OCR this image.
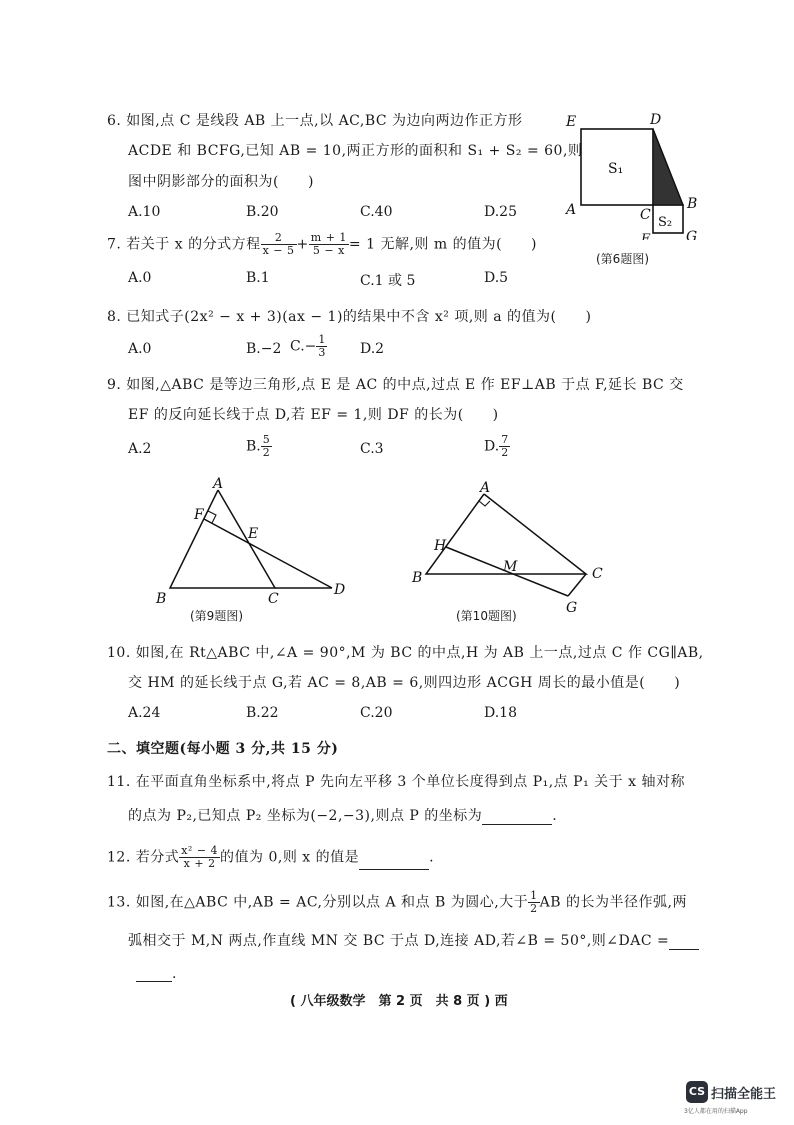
6. 如图,点 C 是线段 AB 上一点,以 AC,BC 为边向两边作正方形
ACDE 和 BCFG,已知 AB = 10,两正方形的面积和 S₁ + S₂ = 60,则
图中阴影部分的面积为(　　)
A.10	B.20	C.40	D.25
E	D
A	C
B
F	G
S₁
S₂
(第6题图)
7. 若关于 x 的分式方程 $\frac{2}{x - 5} + \frac{m + 1}{5 - x} = 1$ 无解,则 m 的值为(　　)
A.0	B.1	C.1 或 5	D.5
8. 已知式子(2x² − x + 3)(ax − 1)的结果中不含 x² 项,则 a 的值为(　　)
A.0	B.−2 $C.- \frac{1}{3} D.2$
9. 如图,△ABC 是等边三角形,点 E 是 AC 的中点,过点 E 作 EF⊥AB 于点 F,延长 BC 交
EF 的反向延长线于点 D,若 EF = 1,则 DF 的长为(　　)
A.2	B. $\frac{5}{2}$	C.3	D. $\frac{7}{2}$
A
F
E
B	C
D
(第9题图)
A
H
M
B	C
G
(第10题图)
10. 如图,在 Rt△ABC 中,∠A = 90°,M 为 BC 的中点,H 为 AB 上一点,过点 C 作 CG∥AB,
交 HM 的延长线于点 G,若 AC = 8,AB = 6,则四边形 ACGH 周长的最小值是(　　)
A.24	B.22	C.20	D.18
二、填空题(每小题 3 分,共 15 分)
11. 在平面直角坐标系中,将点 P 先向左平移 3 个单位长度得到点 P₁,点 P₁ 关于 x 轴对称
的点为 P₂,已知点 P₂ 坐标为(−2,−3),则点 P 的坐标为	.
12. 若分式 $\frac{\text{x² − 4}}{x + 2}$ 的值为 0,则 x 的值是	.
13. 如图,在△ABC 中,AB = AC,分别以点 A 和点 B 为圆心,大于 $\frac{1}{2}$ AB 的长为半径作弧,两
弧相交于 M,N 两点,作直线 MN 交 BC 于点 D,连接 AD,若∠B = 50°,则∠DAC =
.
( 八年级数学　第 2 页　共 8 页 ) 西
CS 扫描全能王
3亿人都在用的扫描App
